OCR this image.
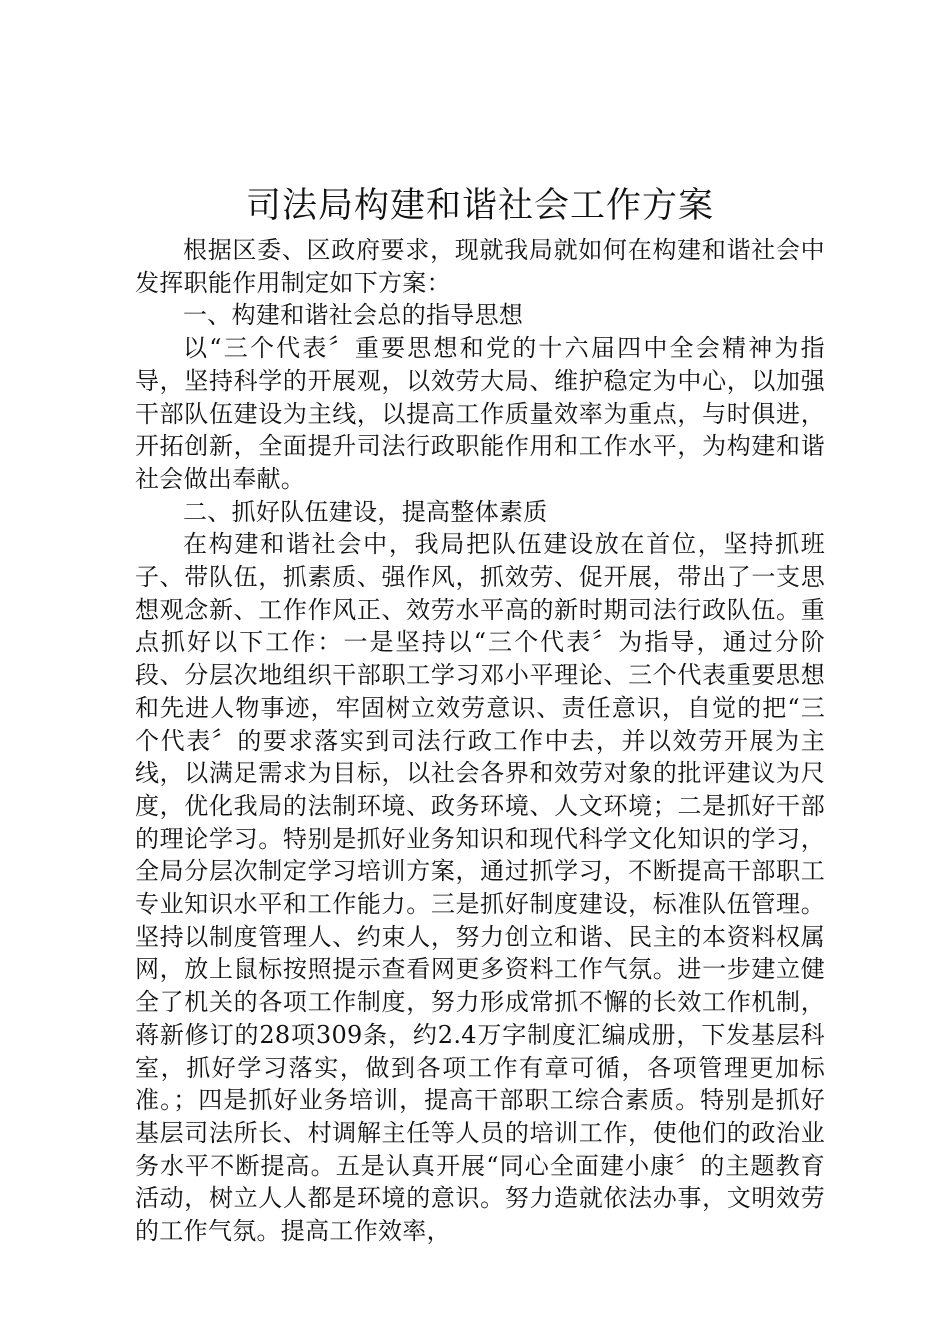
司法局构建和谐社会工作方案

根据区委、区政府要求，现就我局就如何在构建和谐社会中发挥职能作用制定如下方案：

一、构建和谐社会总的指导思想

以“三个代表〞重要思想和党的十六届四中全会精神为指导，坚持科学的开展观，以效劳大局、维护稳定为中心，以加强干部队伍建设为主线，以提高工作质量效率为重点，与时俱进，开拓创新，全面提升司法行政职能作用和工作水平，为构建和谐社会做出奉献。

二、抓好队伍建设，提高整体素质

在构建和谐社会中，我局把队伍建设放在首位，坚持抓班子、带队伍，抓素质、强作风，抓效劳、促开展，带出了一支思想观念新、工作作风正、效劳水平高的新时期司法行政队伍。重点抓好以下工作：一是坚持以“三个代表〞为指导，通过分阶段、分层次地组织干部职工学习邓小平理论、三个代表重要思想和先进人物事迹，牢固树立效劳意识、责任意识，自觉的把“三个代表〞的要求落实到司法行政工作中去，并以效劳开展为主线，以满足需求为目标，以社会各界和效劳对象的批评建议为尺度，优化我局的法制环境、政务环境、人文环境；二是抓好干部的理论学习。特别是抓好业务知识和现代科学文化知识的学习，全局分层次制定学习培训方案，通过抓学习，不断提高干部职工专业知识水平和工作能力。三是抓好制度建设，标准队伍管理。坚持以制度管理人、约束人，努力创立和谐、民主的本资料权属网，放上鼠标按照提示查看网更多资料工作气氛。进一步建立健全了机关的各项工作制度，努力形成常抓不懈的长效工作机制，蒋新修订的28项309条，约2.4万字制度汇编成册，下发基层科室，抓好学习落实，做到各项工作有章可循，各项管理更加标准。；四是抓好业务培训，提高干部职工综合素质。特别是抓好基层司法所长、村调解主任等人员的培训工作，使他们的政治业务水平不断提高。五是认真开展“同心全面建小康〞的主题教育活动，树立人人都是环境的意识。努力造就依法办事，文明效劳的工作气氛。提高工作效率，
